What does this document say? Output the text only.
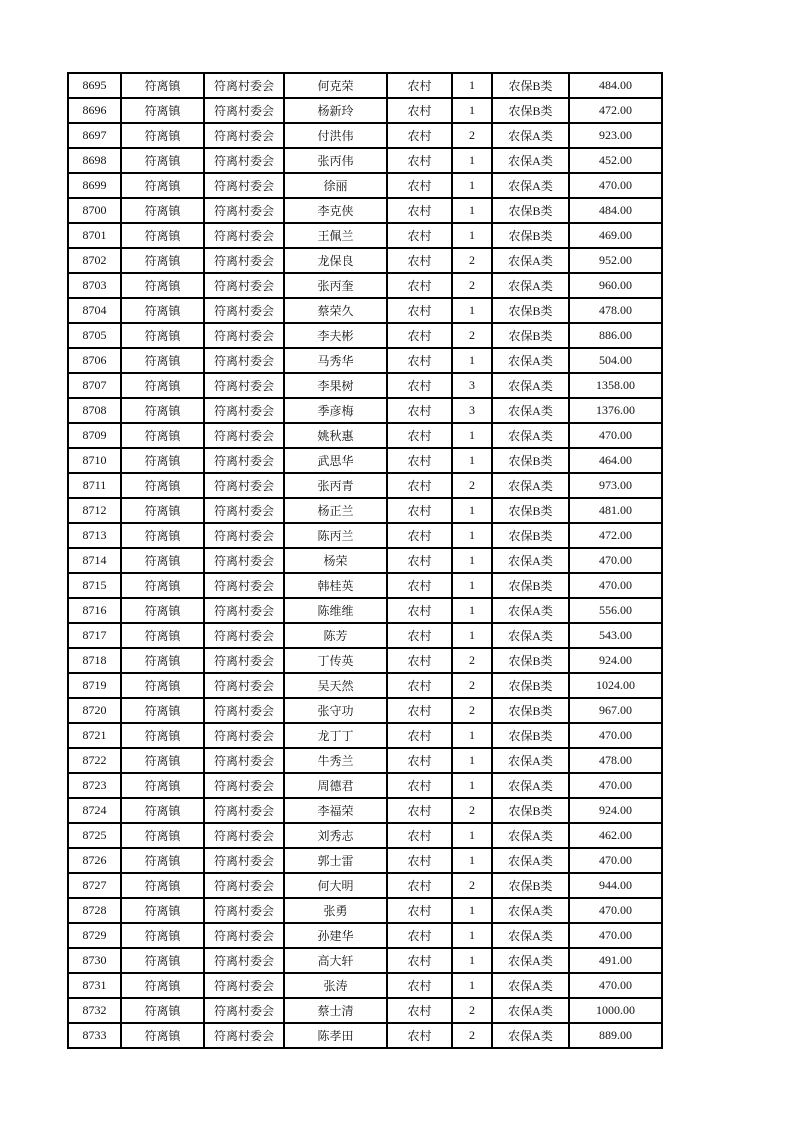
8695	符离镇	符离村委会	何克荣	农村	1	农保B类	484.00
8696	符离镇	符离村委会	杨新玲	农村	1	农保B类	472.00
8697	符离镇	符离村委会	付洪伟	农村	2	农保A类	923.00
8698	符离镇	符离村委会	张丙伟	农村	1	农保A类	452.00
8699	符离镇	符离村委会	徐丽	农村	1	农保A类	470.00
8700	符离镇	符离村委会	李克侠	农村	1	农保B类	484.00
8701	符离镇	符离村委会	王佩兰	农村	1	农保B类	469.00
8702	符离镇	符离村委会	龙保良	农村	2	农保A类	952.00
8703	符离镇	符离村委会	张丙奎	农村	2	农保A类	960.00
8704	符离镇	符离村委会	蔡荣久	农村	1	农保B类	478.00
8705	符离镇	符离村委会	李夫彬	农村	2	农保B类	886.00
8706	符离镇	符离村委会	马秀华	农村	1	农保A类	504.00
8707	符离镇	符离村委会	李果树	农村	3	农保A类	1358.00
8708	符离镇	符离村委会	季彦梅	农村	3	农保A类	1376.00
8709	符离镇	符离村委会	姚秋惠	农村	1	农保A类	470.00
8710	符离镇	符离村委会	武思华	农村	1	农保B类	464.00
8711	符离镇	符离村委会	张丙青	农村	2	农保A类	973.00
8712	符离镇	符离村委会	杨正兰	农村	1	农保B类	481.00
8713	符离镇	符离村委会	陈丙兰	农村	1	农保B类	472.00
8714	符离镇	符离村委会	杨荣	农村	1	农保A类	470.00
8715	符离镇	符离村委会	韩桂英	农村	1	农保B类	470.00
8716	符离镇	符离村委会	陈维维	农村	1	农保A类	556.00
8717	符离镇	符离村委会	陈芳	农村	1	农保A类	543.00
8718	符离镇	符离村委会	丁传英	农村	2	农保B类	924.00
8719	符离镇	符离村委会	吴天然	农村	2	农保B类	1024.00
8720	符离镇	符离村委会	张守功	农村	2	农保B类	967.00
8721	符离镇	符离村委会	龙丁丁	农村	1	农保B类	470.00
8722	符离镇	符离村委会	牛秀兰	农村	1	农保A类	478.00
8723	符离镇	符离村委会	周德君	农村	1	农保A类	470.00
8724	符离镇	符离村委会	李福荣	农村	2	农保B类	924.00
8725	符离镇	符离村委会	刘秀志	农村	1	农保A类	462.00
8726	符离镇	符离村委会	郭士雷	农村	1	农保A类	470.00
8727	符离镇	符离村委会	何大明	农村	2	农保B类	944.00
8728	符离镇	符离村委会	张勇	农村	1	农保A类	470.00
8729	符离镇	符离村委会	孙建华	农村	1	农保A类	470.00
8730	符离镇	符离村委会	高大轩	农村	1	农保A类	491.00
8731	符离镇	符离村委会	张涛	农村	1	农保A类	470.00
8732	符离镇	符离村委会	蔡士清	农村	2	农保A类	1000.00
8733	符离镇	符离村委会	陈孝田	农村	2	农保A类	889.00
